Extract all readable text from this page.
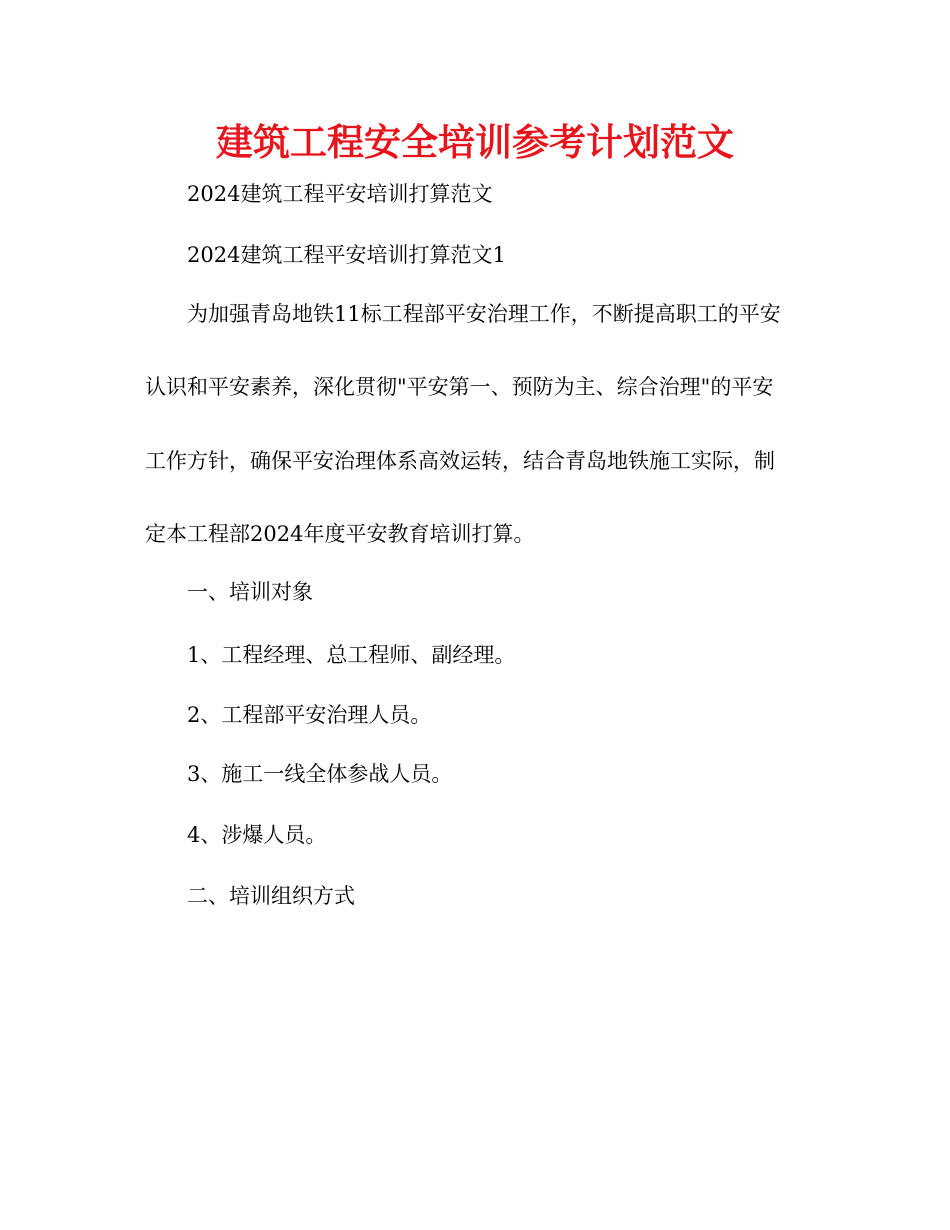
建筑工程安全培训参考计划范文
2024建筑工程平安培训打算范文
2024建筑工程平安培训打算范文1
为加强青岛地铁11标工程部平安治理工作，不断提高职工的平安
认识和平安素养，深化贯彻"平安第一、预防为主、综合治理"的平安
工作方针，确保平安治理体系高效运转，结合青岛地铁施工实际，制
定本工程部2024年度平安教育培训打算。
一、培训对象
1、工程经理、总工程师、副经理。
2、工程部平安治理人员。
3、施工一线全体参战人员。
4、涉爆人员。
二、培训组织方式
